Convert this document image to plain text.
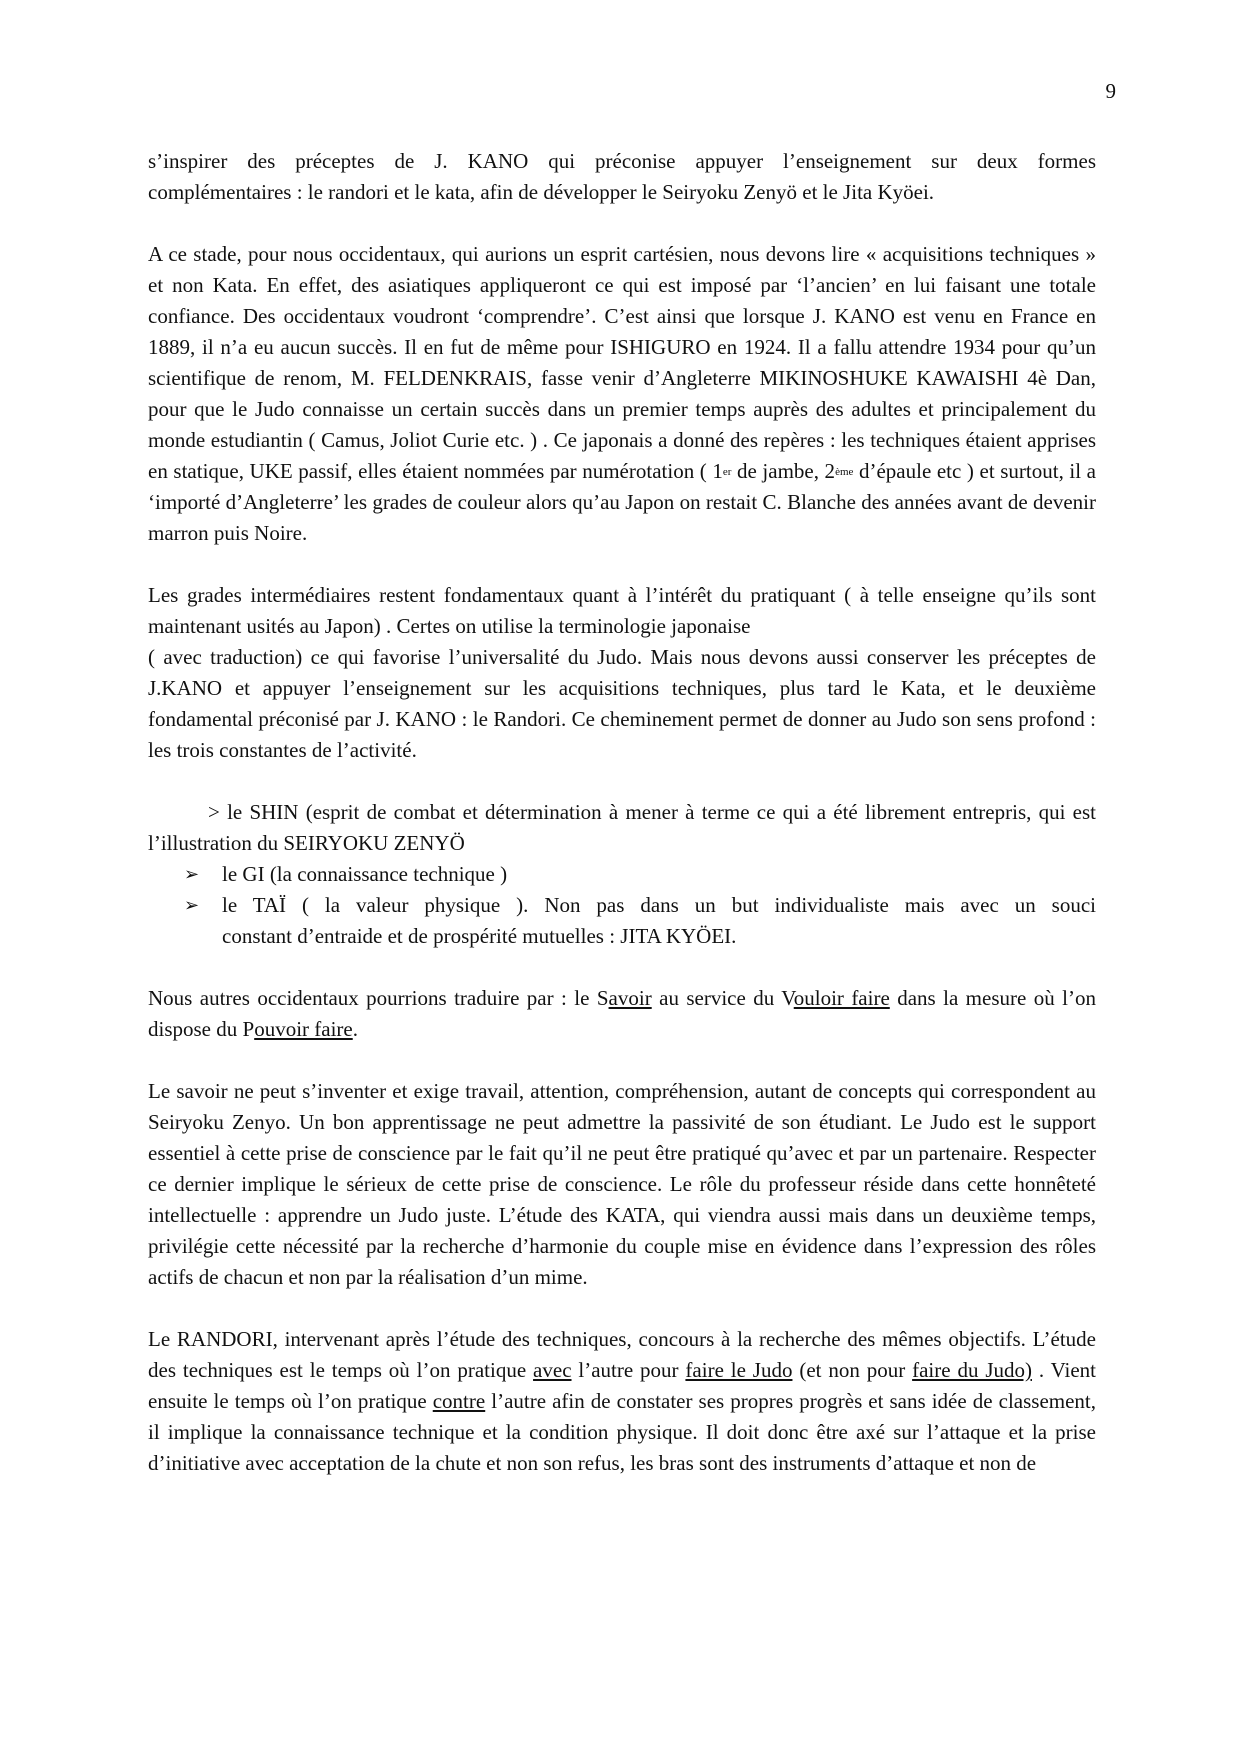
9

s’inspirer des préceptes de J. KANO qui préconise appuyer l’enseignement sur deux formes
complémentaires : le randori et le kata, afin de développer le Seiryoku Zenyö et le Jita Kyöei.

A ce stade, pour nous occidentaux, qui aurions un esprit cartésien, nous devons lire « acquisitions techniques » et non Kata. En effet, des asiatiques appliqueront ce qui est imposé par ‘l’ancien’ en lui faisant une totale confiance. Des occidentaux voudront ‘comprendre’. C’est ainsi que lorsque J. KANO est venu en France en 1889, il n’a eu aucun succès. Il en fut de même pour ISHIGURO en 1924. Il a fallu attendre 1934 pour qu’un scientifique de renom, M. FELDENKRAIS, fasse venir d’Angleterre MIKINOSHUKE KAWAISHI 4è Dan, pour que le Judo connaisse un certain succès dans un premier temps auprès des adultes et principalement du monde estudiantin ( Camus, Joliot Curie etc. ) . Ce japonais a donné des repères : les techniques étaient apprises en statique, UKE passif, elles étaient nommées par numérotation ( 1er de jambe, 2ème d’épaule etc ) et surtout, il a ‘importé d’Angleterre’ les grades de couleur alors qu’au Japon on restait C. Blanche des années avant de devenir marron puis Noire.

Les grades intermédiaires restent fondamentaux quant à l’intérêt du pratiquant ( à telle enseigne qu’ils sont maintenant usités au Japon) . Certes on utilise la terminologie japonaise
( avec traduction) ce qui favorise l’universalité du Judo. Mais nous devons aussi conserver les préceptes de J.KANO et appuyer l’enseignement sur les acquisitions techniques, plus tard le Kata, et le deuxième fondamental préconisé par J. KANO : le Randori. Ce cheminement permet de donner au Judo son sens profond : les trois constantes de l’activité.

> le SHIN (esprit de combat et détermination à mener à terme ce qui a été librement entrepris, qui est l’illustration du SEIRYOKU ZENYÖ

➢ le GI (la connaissance technique )
➢ le TAÏ ( la valeur physique ). Non pas dans un but individualiste mais avec un souci
constant d’entraide et de prospérité mutuelles : JITA KYÖEI.

Nous autres occidentaux pourrions traduire par : le Savoir au service du Vouloir faire dans la mesure où l’on dispose du Pouvoir faire.

Le savoir ne peut s’inventer et exige travail, attention, compréhension, autant de concepts qui correspondent au Seiryoku Zenyo. Un bon apprentissage ne peut admettre la passivité de son étudiant. Le Judo est le support essentiel à cette prise de conscience par le fait qu’il ne peut être pratiqué qu’avec et par un partenaire. Respecter ce dernier implique le sérieux de cette prise de conscience. Le rôle du professeur réside dans cette honnêteté intellectuelle : apprendre un Judo juste. L’étude des KATA, qui viendra aussi mais dans un deuxième temps, privilégie cette nécessité par la recherche d’harmonie du couple mise en évidence dans l’expression des rôles actifs de chacun et non par la réalisation d’un mime.

Le RANDORI, intervenant après l’étude des techniques, concours à la recherche des mêmes objectifs. L’étude des techniques est le temps où l’on pratique avec l’autre pour faire le Judo (et non pour faire du Judo) . Vient ensuite le temps où l’on pratique contre l’autre afin de constater ses propres progrès et sans idée de classement, il implique la connaissance technique et la condition physique. Il doit donc être axé sur l’attaque et la prise d’initiative avec acceptation de la chute et non son refus, les bras sont des instruments d’attaque et non de
